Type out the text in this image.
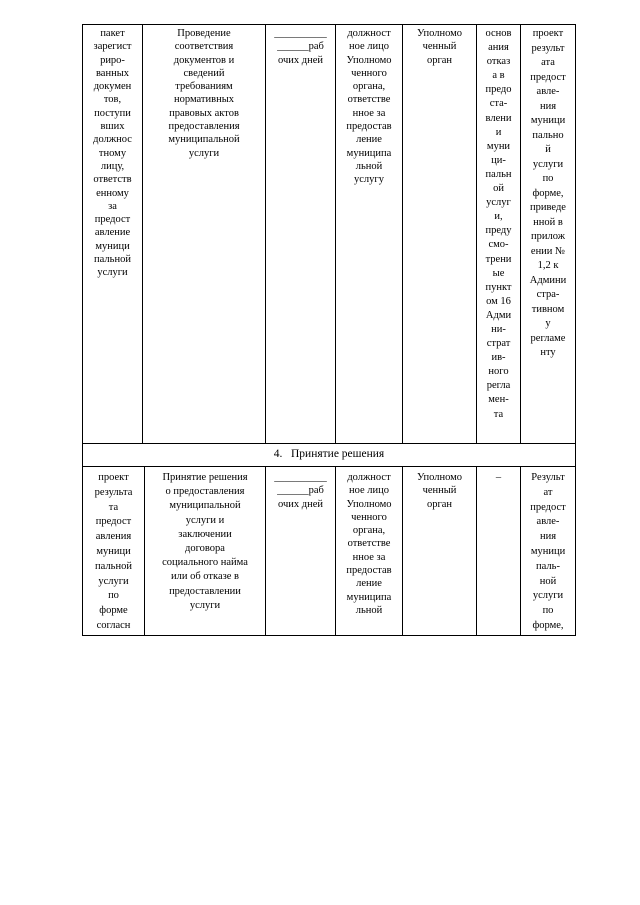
пакет
зарегист
риро-
ванных
докумен
тов,
поступи
вших
должнос
тному
лицу,
ответств
енному
за
предост
авление
муници
пальной
услуги
Проведение
соответствия
документов и
сведений
требованиям
нормативных
правовых актов
предоставления
муниципальной
услуги
__________
______раб
очих дней
должност
ное лицо
Уполномо
ченного
органа,
ответстве
нное за
предостав
ление
муниципа
льной
услугу
Уполномо
ченный
орган
основ
ания
отказ
а в
предо
ста-
влени
и
муни
ци-
пальн
ой
услуг
и,
преду
смо-
трени
ые
пункт
ом 16
Адми
ни-
страт
ив-
ного
регла
мен-
та
проект
результ
ата
предост
авле-
ния
муници
пально
й
услуги
по
форме,
приведе
нной в
прилож
ении №
1,2 к
Админи
стра-
тивном
у
регламе
нту
4. Принятие решения
проект
результа
та
предост
авления
муници
пальной
услуги
по
форме
согласн
Принятие решения
о предоставления
муниципальной
услуги и
заключении
договора
социального найма
или об отказе в
предоставлении
услуги
__________
______раб
очих дней
должност
ное лицо
Уполномо
ченного
органа,
ответстве
нное за
предостав
ление
муниципа
льной
Уполномо
ченный
орган
–	Результ
ат
предост
авле-
ния
муници
паль-
ной
услуги
по
форме,
